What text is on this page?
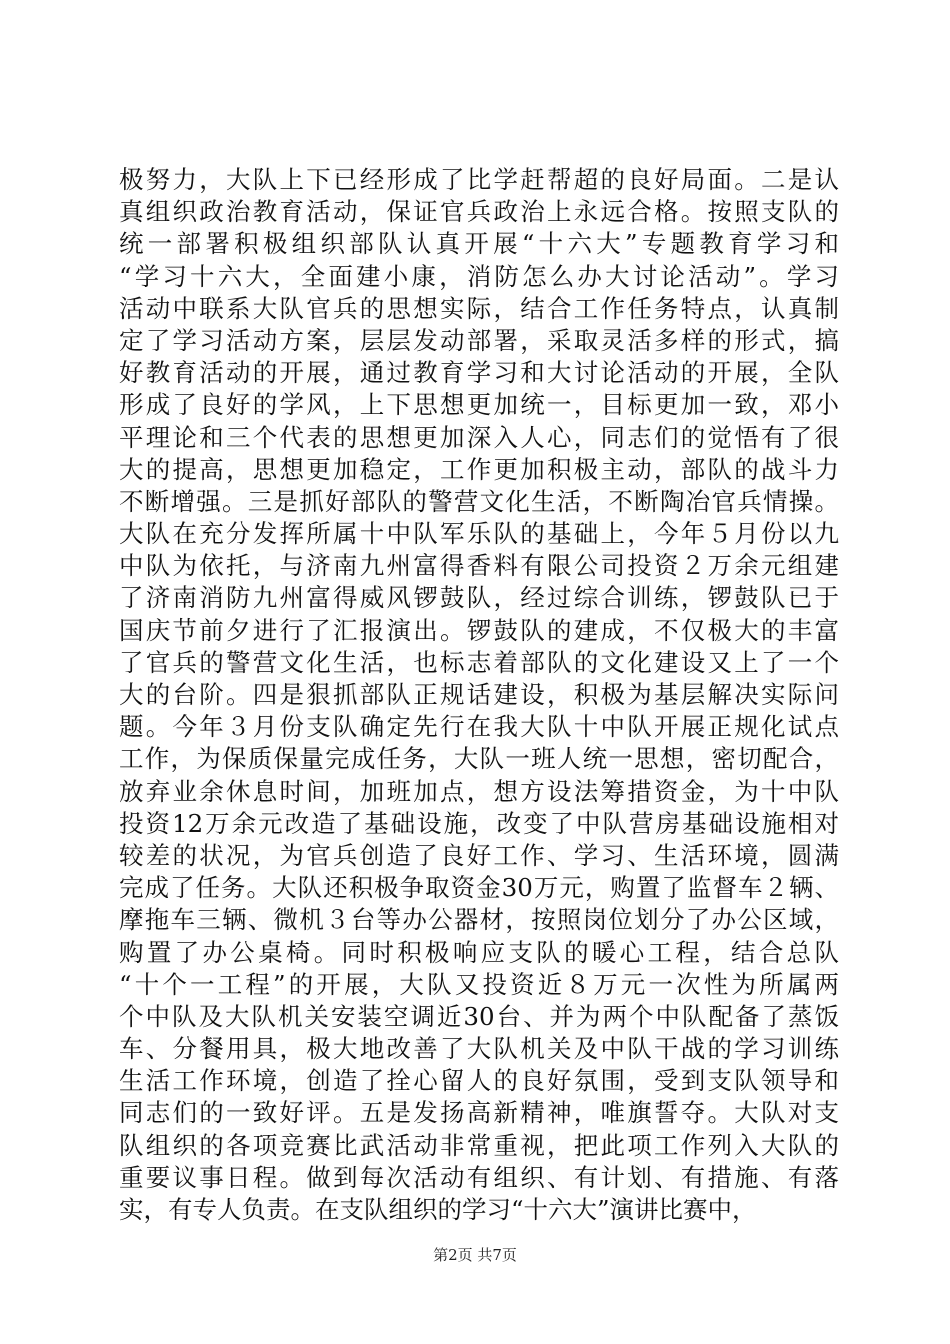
极努力，大队上下已经形成了比学赶帮超的良好局面。二是认
真组织政治教育活动，保证官兵政治上永远合格。按照支队的
统一部署积极组织部队认真开展“十六大”专题教育学习和
“学习十六大，全面建小康，消防怎么办大讨论活动”。学习
活动中联系大队官兵的思想实际，结合工作任务特点，认真制
定了学习活动方案，层层发动部署，采取灵活多样的形式，搞
好教育活动的开展，通过教育学习和大讨论活动的开展，全队
形成了良好的学风，上下思想更加统一，目标更加一致，邓小
平理论和三个代表的思想更加深入人心，同志们的觉悟有了很
大的提高，思想更加稳定，工作更加积极主动，部队的战斗力
不断增强。三是抓好部队的警营文化生活，不断陶冶官兵情操。
大队在充分发挥所属十中队军乐队的基础上，今年５月份以九
中队为依托，与济南九州富得香料有限公司投资２万余元组建
了济南消防九州富得威风锣鼓队，经过综合训练，锣鼓队已于
国庆节前夕进行了汇报演出。锣鼓队的建成，不仅极大的丰富
了官兵的警营文化生活，也标志着部队的文化建设又上了一个
大的台阶。四是狠抓部队正规话建设，积极为基层解决实际问
题。今年３月份支队确定先行在我大队十中队开展正规化试点
工作，为保质保量完成任务，大队一班人统一思想，密切配合，
放弃业余休息时间，加班加点，想方设法筹措资金，为十中队
投资12万余元改造了基础设施，改变了中队营房基础设施相对
较差的状况，为官兵创造了良好工作、学习、生活环境，圆满
完成了任务。大队还积极争取资金30万元，购置了监督车２辆、
摩拖车三辆、微机３台等办公器材，按照岗位划分了办公区域，
购置了办公桌椅。同时积极响应支队的暖心工程，结合总队
“十个一工程”的开展，大队又投资近８万元一次性为所属两
个中队及大队机关安装空调近30台、并为两个中队配备了蒸饭
车、分餐用具，极大地改善了大队机关及中队干战的学习训练
生活工作环境，创造了拴心留人的良好氛围，受到支队领导和
同志们的一致好评。五是发扬高新精神，唯旗誓夺。大队对支
队组织的各项竞赛比武活动非常重视，把此项工作列入大队的
重要议事日程。做到每次活动有组织、有计划、有措施、有落
实，有专人负责。在支队组织的学习“十六大”演讲比赛中，
第2页 共7页
